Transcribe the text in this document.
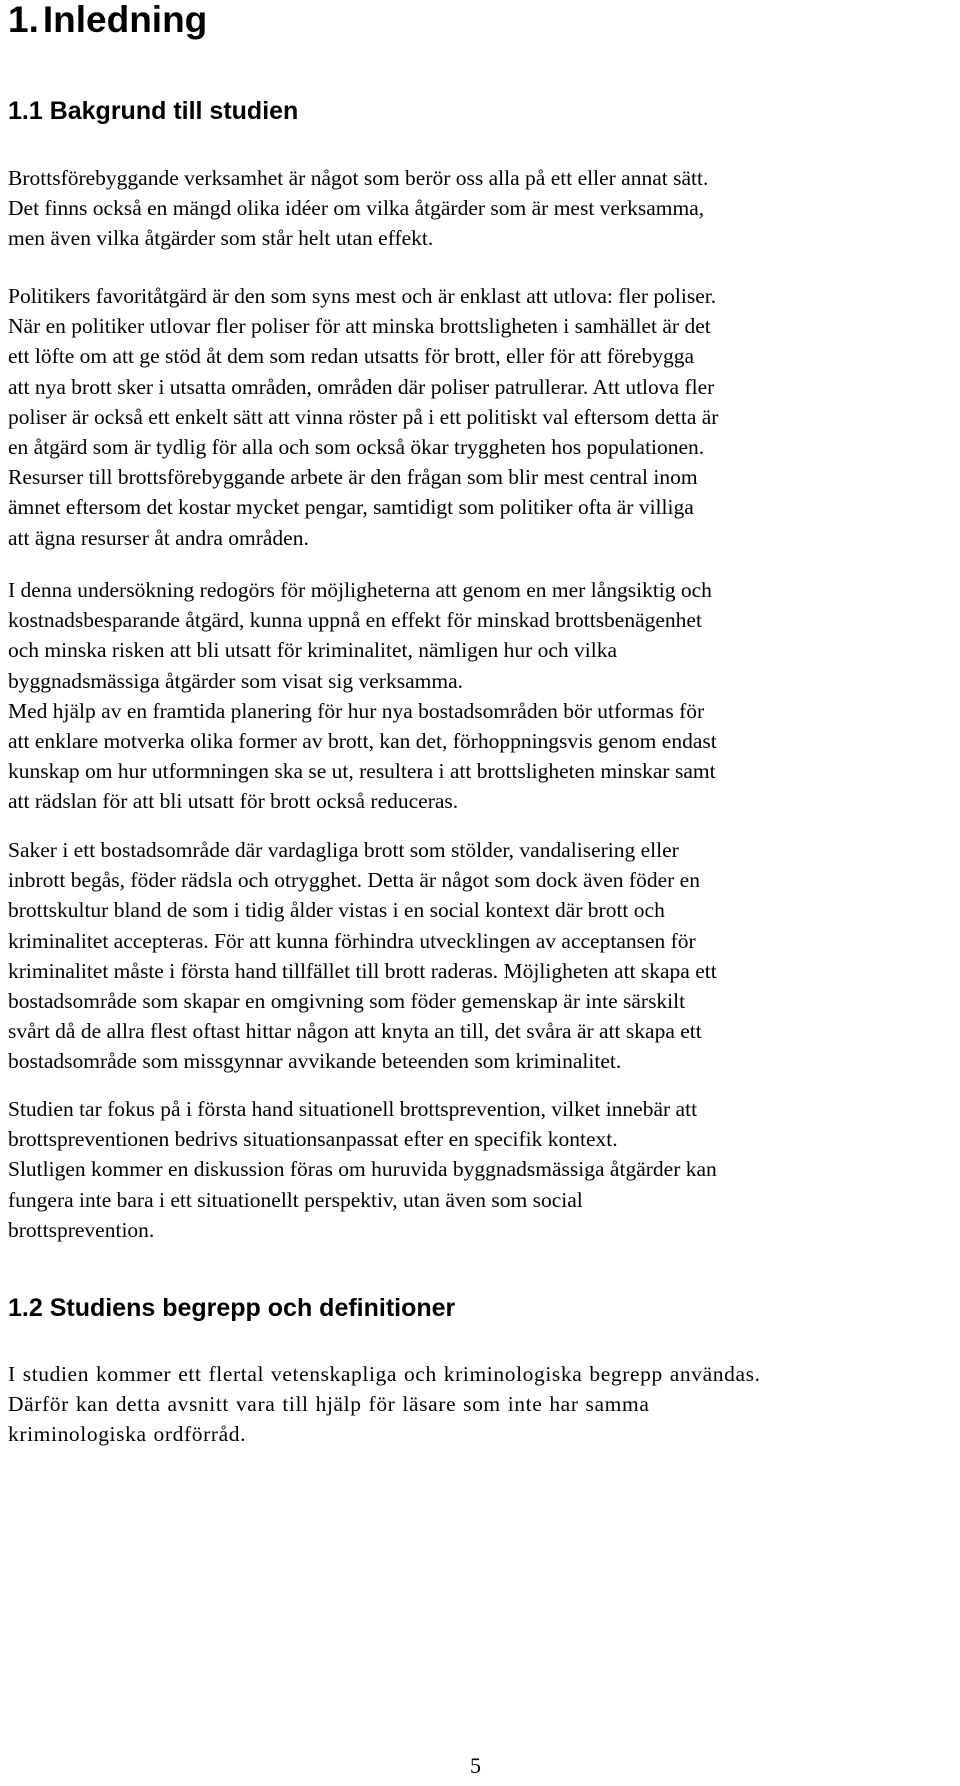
1. Inledning
1.1 Bakgrund till studien

Brottsförebyggande verksamhet är något som berör oss alla på ett eller annat sätt.
Det finns också en mängd olika idéer om vilka åtgärder som är mest verksamma,
men även vilka åtgärder som står helt utan effekt.

Politikers favoritåtgärd är den som syns mest och är enklast att utlova: fler poliser.
När en politiker utlovar fler poliser för att minska brottsligheten i samhället är det
ett löfte om att ge stöd åt dem som redan utsatts för brott, eller för att förebygga
att nya brott sker i utsatta områden, områden där poliser patrullerar. Att utlova fler
poliser är också ett enkelt sätt att vinna röster på i ett politiskt val eftersom detta är
en åtgärd som är tydlig för alla och som också ökar tryggheten hos populationen.
Resurser till brottsförebyggande arbete är den frågan som blir mest central inom
ämnet eftersom det kostar mycket pengar, samtidigt som politiker ofta är villiga
att ägna resurser åt andra områden.

I denna undersökning redogörs för möjligheterna att genom en mer långsiktig och
kostnadsbesparande åtgärd, kunna uppnå en effekt för minskad brottsbenägenhet
och minska risken att bli utsatt för kriminalitet, nämligen hur och vilka
byggnadsmässiga åtgärder som visat sig verksamma.
Med hjälp av en framtida planering för hur nya bostadsområden bör utformas för
att enklare motverka olika former av brott, kan det, förhoppningsvis genom endast
kunskap om hur utformningen ska se ut, resultera i att brottsligheten minskar samt
att rädslan för att bli utsatt för brott också reduceras.

Saker i ett bostadsområde där vardagliga brott som stölder, vandalisering eller
inbrott begås, föder rädsla och otrygghet. Detta är något som dock även föder en
brottskultur bland de som i tidig ålder vistas i en social kontext där brott och
kriminalitet accepteras. För att kunna förhindra utvecklingen av acceptansen för
kriminalitet måste i första hand tillfället till brott raderas. Möjligheten att skapa ett
bostadsområde som skapar en omgivning som föder gemenskap är inte särskilt
svårt då de allra flest oftast hittar någon att knyta an till, det svåra är att skapa ett
bostadsområde som missgynnar avvikande beteenden som kriminalitet.

Studien tar fokus på i första hand situationell brottsprevention, vilket innebär att
brottspreventionen bedrivs situationsanpassat efter en specifik kontext.
Slutligen kommer en diskussion föras om huruvida byggnadsmässiga åtgärder kan
fungera inte bara i ett situationellt perspektiv, utan även som social
brottsprevention.

1.2 Studiens begrepp och definitioner

I studien kommer ett flertal vetenskapliga och kriminologiska begrepp användas.
Därför kan detta avsnitt vara till hjälp för läsare som inte har samma
kriminologiska ordförråd.

5
